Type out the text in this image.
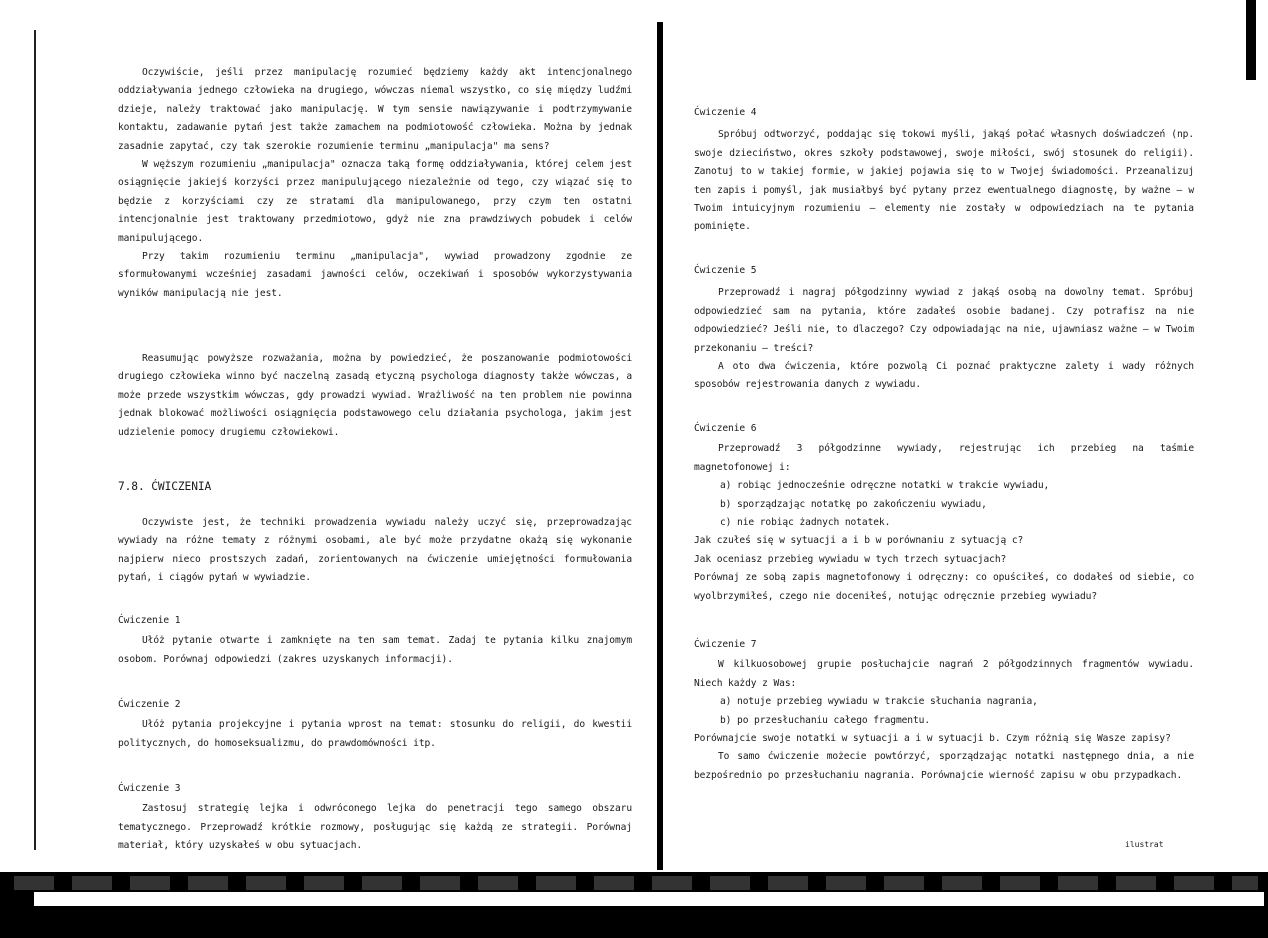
Oczywiście, jeśli przez manipulację rozumieć będziemy każdy akt intencjonalnego oddziaływania jednego człowieka na drugiego, wówczas niemal wszystko, co się między ludźmi dzieje, należy traktować jako manipulację. W tym sensie nawiązywanie i podtrzymywanie kontaktu, zadawanie pytań jest także zamachem na podmiotowość człowieka. Można by jednak zasadnie zapytać, czy tak szerokie rozumienie terminu „manipulacja" ma sens?

W węższym rozumieniu „manipulacja" oznacza taką formę oddziaływania, której celem jest osiągnięcie jakiejś korzyści przez manipulującego niezależnie od tego, czy wiązać się to będzie z korzyściami czy ze stratami dla manipulowanego, przy czym ten ostatni intencjonalnie jest traktowany przedmiotowo, gdyż nie zna prawdziwych pobudek i celów manipulującego.

Przy takim rozumieniu terminu „manipulacja", wywiad prowadzony zgodnie ze sformułowanymi wcześniej zasadami jawności celów, oczekiwań i sposobów wykorzystywania wyników manipulacją nie jest.

Reasumując powyższe rozważania, można by powiedzieć, że poszanowanie podmiotowości drugiego człowieka winno być naczelną zasadą etyczną psychologa diagnosty także wówczas, a może przede wszystkim wówczas, gdy prowadzi wywiad. Wrażliwość na ten problem nie powinna jednak blokować możliwości osiągnięcia podstawowego celu działania psychologa, jakim jest udzielenie pomocy drugiemu człowiekowi.

7.8. ĆWICZENIA

Oczywiste jest, że techniki prowadzenia wywiadu należy uczyć się, przeprowadzając wywiady na różne tematy z różnymi osobami, ale być może przydatne okażą się wykonanie najpierw nieco prostszych zadań, zorientowanych na ćwiczenie umiejętności formułowania pytań, i ciągów pytań w wywiadzie.

Ćwiczenie 1

Ułóż pytanie otwarte i zamknięte na ten sam temat. Zadaj te pytania kilku znajomym osobom. Porównaj odpowiedzi (zakres uzyskanych informacji).

Ćwiczenie 2

Ułóż pytania projekcyjne i pytania wprost na temat: stosunku do religii, do kwestii politycznych, do homoseksualizmu, do prawdomówności itp.

Ćwiczenie 3

Zastosuj strategię lejka i odwróconego lejka do penetracji tego samego obszaru tematycznego. Przeprowadź krótkie rozmowy, posługując się każdą ze strategii. Porównaj materiał, który uzyskałeś w obu sytuacjach.

Ćwiczenie 4

Spróbuj odtworzyć, poddając się tokowi myśli, jakąś połać własnych doświadczeń (np. swoje dzieciństwo, okres szkoły podstawowej, swoje miłości, swój stosunek do religii). Zanotuj to w takiej formie, w jakiej pojawia się to w Twojej świadomości. Przeanalizuj ten zapis i pomyśl, jak musiałbyś być pytany przez ewentualnego diagnostę, by ważne – w Twoim intuicyjnym rozumieniu – elementy nie zostały w odpowiedziach na te pytania pominięte.

Ćwiczenie 5

Przeprowadź i nagraj półgodzinny wywiad z jakąś osobą na dowolny temat. Spróbuj odpowiedzieć sam na pytania, które zadałeś osobie badanej. Czy potrafisz na nie odpowiedzieć? Jeśli nie, to dlaczego? Czy odpowiadając na nie, ujawniasz ważne – w Twoim przekonaniu – treści?

A oto dwa ćwiczenia, które pozwolą Ci poznać praktyczne zalety i wady różnych sposobów rejestrowania danych z wywiadu.

Ćwiczenie 6

Przeprowadź 3 półgodzinne wywiady, rejestrując ich przebieg na taśmie magnetofonowej i:

a) robiąc jednocześnie odręczne notatki w trakcie wywiadu,
b) sporządzając notatkę po zakończeniu wywiadu,
c) nie robiąc żadnych notatek.

Jak czułeś się w sytuacji a i b w porównaniu z sytuacją c?

Jak oceniasz przebieg wywiadu w tych trzech sytuacjach?

Porównaj ze sobą zapis magnetofonowy i odręczny: co opuściłeś, co dodałeś od siebie, co wyolbrzymiłeś, czego nie doceniłeś, notując odręcznie przebieg wywiadu?

Ćwiczenie 7

W kilkuosobowej grupie posłuchajcie nagrań 2 półgodzinnych fragmentów wywiadu. Niech każdy z Was:

a) notuje przebieg wywiadu w trakcie słuchania nagrania,
b) po przesłuchaniu całego fragmentu.

Porównajcie swoje notatki w sytuacji a i w sytuacji b. Czym różnią się Wasze zapisy?

To samo ćwiczenie możecie powtórzyć, sporządzając notatki następnego dnia, a nie bezpośrednio po przesłuchaniu nagrania. Porównajcie wierność zapisu w obu przypadkach.

ilustrat
